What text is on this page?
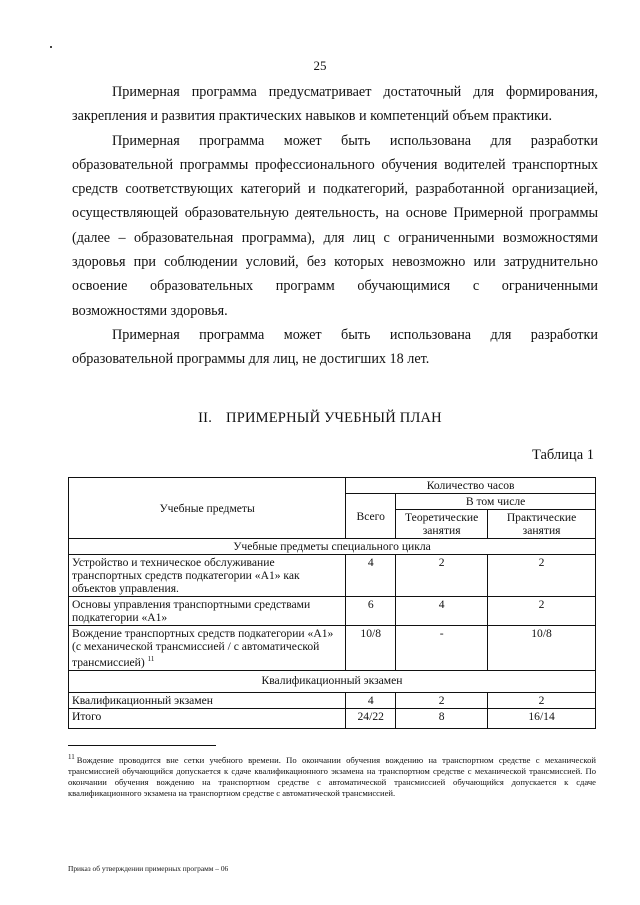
25

Примерная программа предусматривает достаточный для формирования, закрепления и развития практических навыков и компетенций объем практики.

Примерная программа может быть использована для разработки образовательной программы профессионального обучения водителей транспортных средств соответствующих категорий и подкатегорий, разработанной организацией, осуществляющей образовательную деятельность, на основе Примерной программы (далее – образовательная программа), для лиц с ограниченными возможностями здоровья при соблюдении условий, без которых невозможно или затруднительно освоение образовательных программ обучающимися с ограниченными возможностями здоровья.

Примерная программа может быть использована для разработки образовательной программы для лиц, не достигших 18 лет.

II. ПРИМЕРНЫЙ УЧЕБНЫЙ ПЛАН
Таблица 1
Учебные предметы	Количество часов		
	Всего	В том числе	
		Теоретические занятия	Практические занятия
Учебные предметы специального цикла			
Устройство и техническое обслуживание транспортных средств подкатегории «А1» как объектов управления.	4	2	2
Основы управления транспортными средствами подкатегории «А1»	6	4	2
Вождение транспортных средств подкатегории «А1» (с механической трансмиссией / с автоматической трансмиссией) $^{11}$	10/8	-	10/8
Квалификационный экзамен			
Квалификационный экзамен	4	2	2
Итого	24/22	8	16/14
$^{11}$ Вождение проводится вне сетки учебного времени. По окончании обучения вождению на транспортном средстве с механической трансмиссией обучающийся допускается к сдаче квалификационного экзамена на транспортном средстве с механической трансмиссией. По окончании обучения вождению на транспортном средстве с автоматической трансмиссией обучающийся допускается к сдаче квалификационного экзамена на транспортном средстве с автоматической трансмиссией.
Приказ об утверждении примерных программ – 06
